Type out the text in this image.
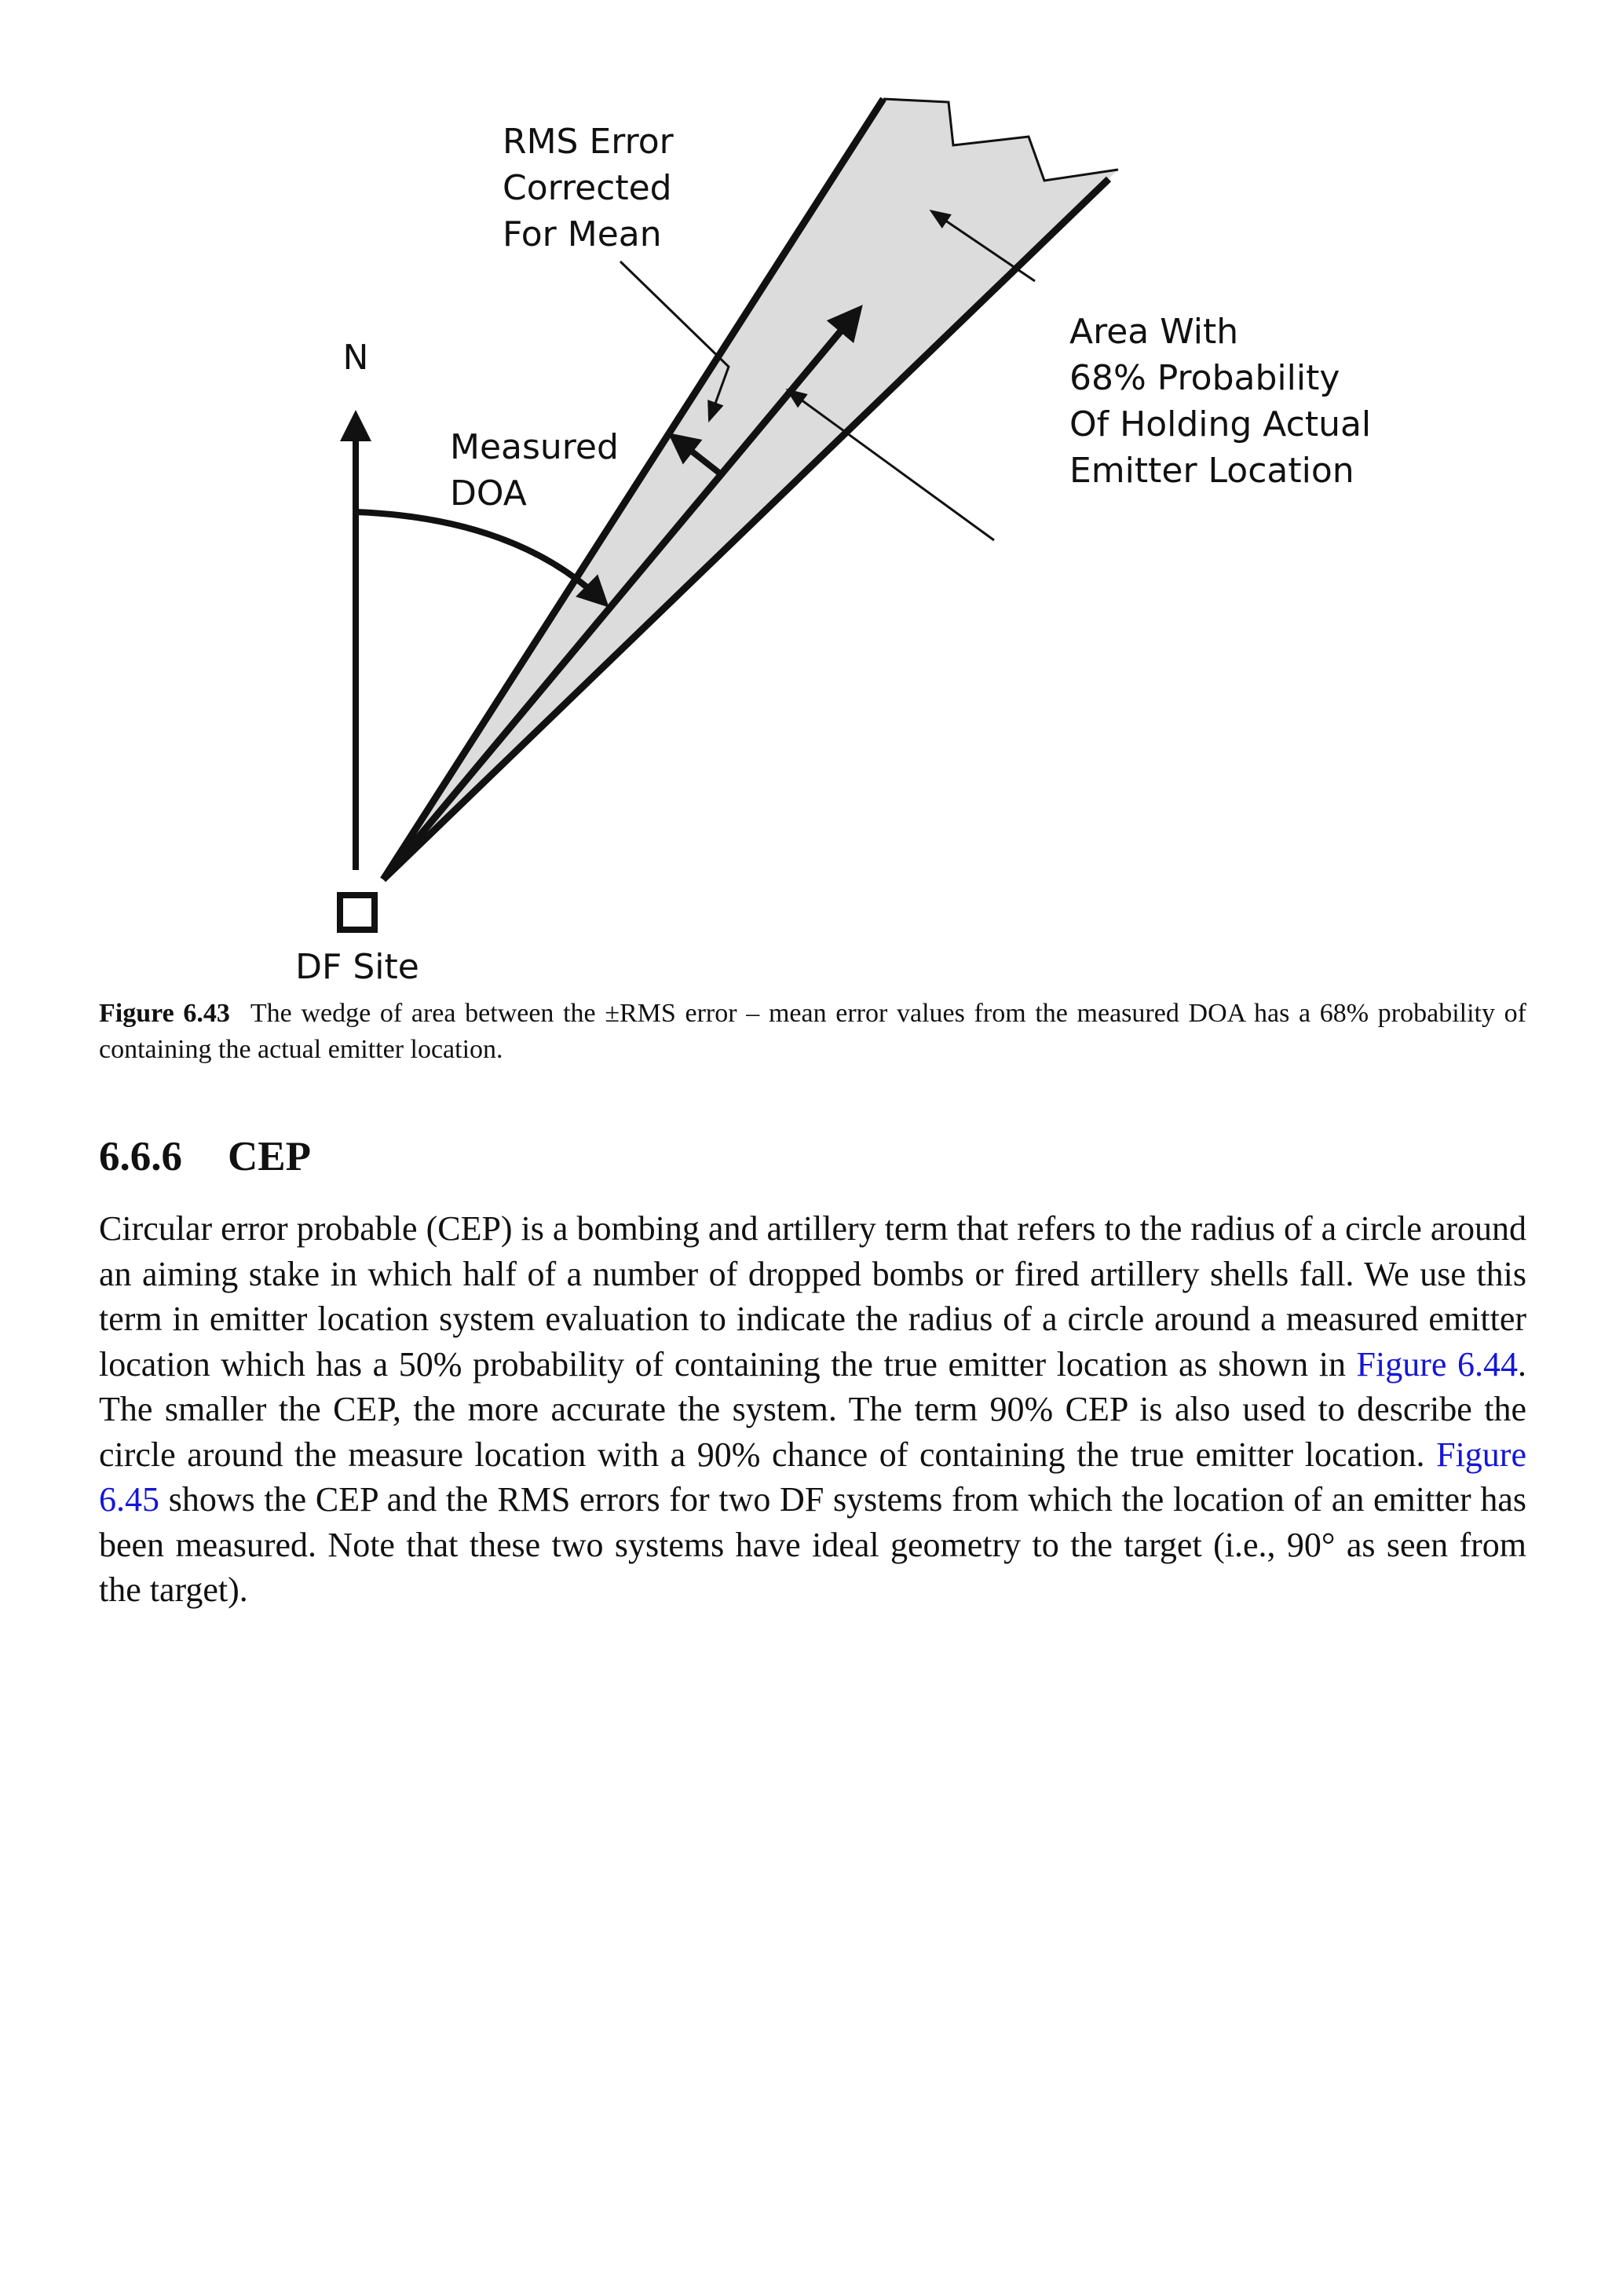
N
RMS Error
Corrected
For Mean
Measured
DOA
Area With
68% Probability
Of Holding Actual
Emitter Location
DF Site

Figure 6.43 The wedge of area between the ±RMS error – mean error values from the measured DOA has a 68% probability of containing the actual emitter location.

6.6.6 CEP

Circular error probable (CEP) is a bombing and artillery term that refers to the radius of a circle around an aiming stake in which half of a number of dropped bombs or fired artillery shells fall. We use this term in emitter location system evaluation to indicate the radius of a circle around a measured emitter location which has a 50% probability of containing the true emitter location as shown in Figure 6.44. The smaller the CEP, the more accurate the system. The term 90% CEP is also used to describe the circle around the measure location with a 90% chance of containing the true emitter location. Figure 6.45 shows the CEP and the RMS errors for two DF systems from which the location of an emitter has been measured. Note that these two systems have ideal geometry to the target (i.e., 90° as seen from the target).
